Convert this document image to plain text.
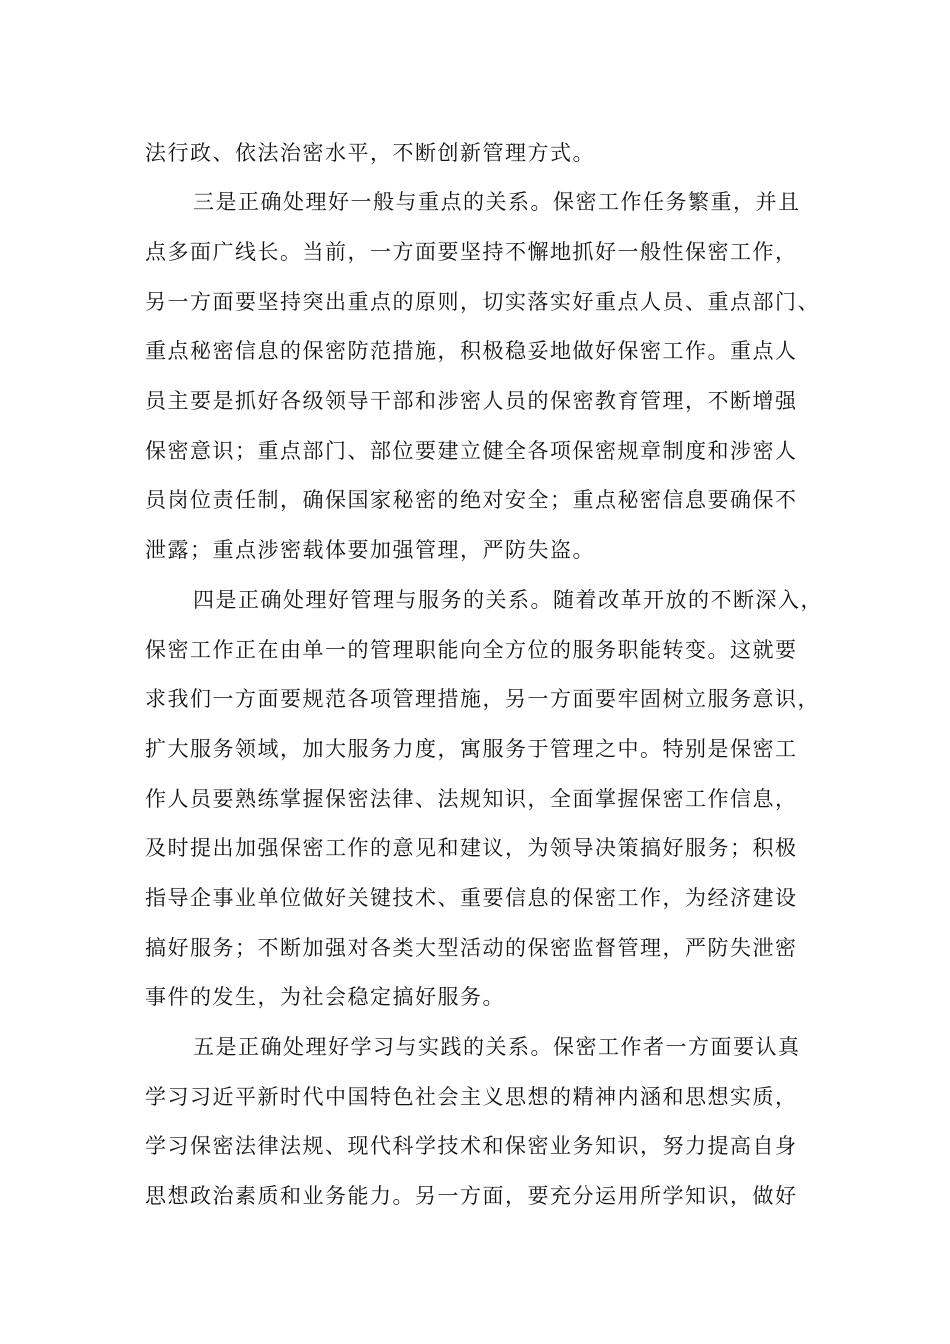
法行政、依法治密水平，不断创新管理方式。
三是正确处理好一般与重点的关系。保密工作任务繁重，并且
点多面广线长。当前，一方面要坚持不懈地抓好一般性保密工作，
另一方面要坚持突出重点的原则，切实落实好重点人员、重点部门、
重点秘密信息的保密防范措施，积极稳妥地做好保密工作。重点人
员主要是抓好各级领导干部和涉密人员的保密教育管理，不断增强
保密意识；重点部门、部位要建立健全各项保密规章制度和涉密人
员岗位责任制，确保国家秘密的绝对安全；重点秘密信息要确保不
泄露；重点涉密载体要加强管理，严防失盗。
四是正确处理好管理与服务的关系。随着改革开放的不断深入，
保密工作正在由单一的管理职能向全方位的服务职能转变。这就要
求我们一方面要规范各项管理措施，另一方面要牢固树立服务意识，
扩大服务领域，加大服务力度，寓服务于管理之中。特别是保密工
作人员要熟练掌握保密法律、法规知识，全面掌握保密工作信息，
及时提出加强保密工作的意见和建议，为领导决策搞好服务；积极
指导企事业单位做好关键技术、重要信息的保密工作，为经济建设
搞好服务；不断加强对各类大型活动的保密监督管理，严防失泄密
事件的发生，为社会稳定搞好服务。
五是正确处理好学习与实践的关系。保密工作者一方面要认真
学习习近平新时代中国特色社会主义思想的精神内涵和思想实质，
学习保密法律法规、现代科学技术和保密业务知识，努力提高自身
思想政治素质和业务能力。另一方面，要充分运用所学知识，做好
